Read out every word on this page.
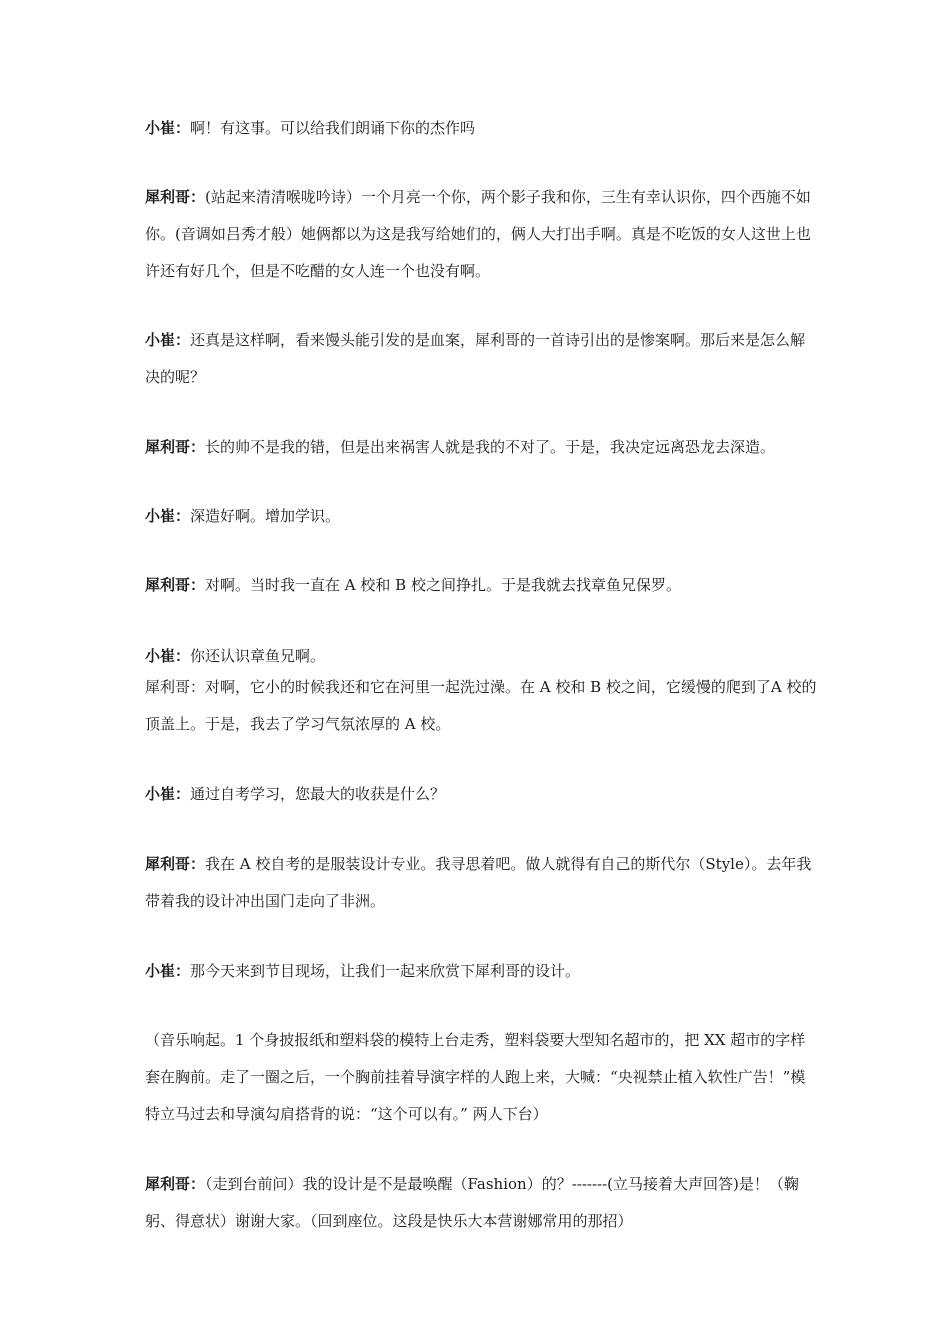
小崔：啊！有这事。可以给我们朗诵下你的杰作吗

犀利哥：(站起来清清喉咙吟诗）一个月亮一个你，两个影子我和你，三生有幸认识你，四个西施不如你。(音调如吕秀才般）她俩都以为这是我写给她们的，俩人大打出手啊。真是不吃饭的女人这世上也许还有好几个，但是不吃醋的女人连一个也没有啊。

小崔：还真是这样啊，看来馒头能引发的是血案，犀利哥的一首诗引出的是惨案啊。那后来是怎么解决的呢？

犀利哥：长的帅不是我的错，但是出来祸害人就是我的不对了。于是，我决定远离恐龙去深造。

小崔：深造好啊。增加学识。

犀利哥：对啊。当时我一直在 A 校和 B 校之间挣扎。于是我就去找章鱼兄保罗。

小崔：你还认识章鱼兄啊。

犀利哥：对啊，它小的时候我还和它在河里一起洗过澡。在 A 校和 B 校之间，它缓慢的爬到了A 校的顶盖上。于是，我去了学习气氛浓厚的 A 校。

小崔：通过自考学习，您最大的收获是什么？

犀利哥：我在 A 校自考的是服装设计专业。我寻思着吧。做人就得有自己的斯代尔（Style）。去年我带着我的设计冲出国门走向了非洲。

小崔：那今天来到节目现场，让我们一起来欣赏下犀利哥的设计。

（音乐响起。1 个身披报纸和塑料袋的模特上台走秀，塑料袋要大型知名超市的，把 XX 超市的字样套在胸前。走了一圈之后，一个胸前挂着导演字样的人跑上来，大喊：“央视禁止植入软性广告！”模特立马过去和导演勾肩搭背的说：“这个可以有。” 两人下台）

犀利哥：（走到台前问）我的设计是不是最唤醒（Fashion）的？-------(立马接着大声回答)是！（鞠躬、得意状）谢谢大家。（回到座位。这段是快乐大本营谢娜常用的那招）
